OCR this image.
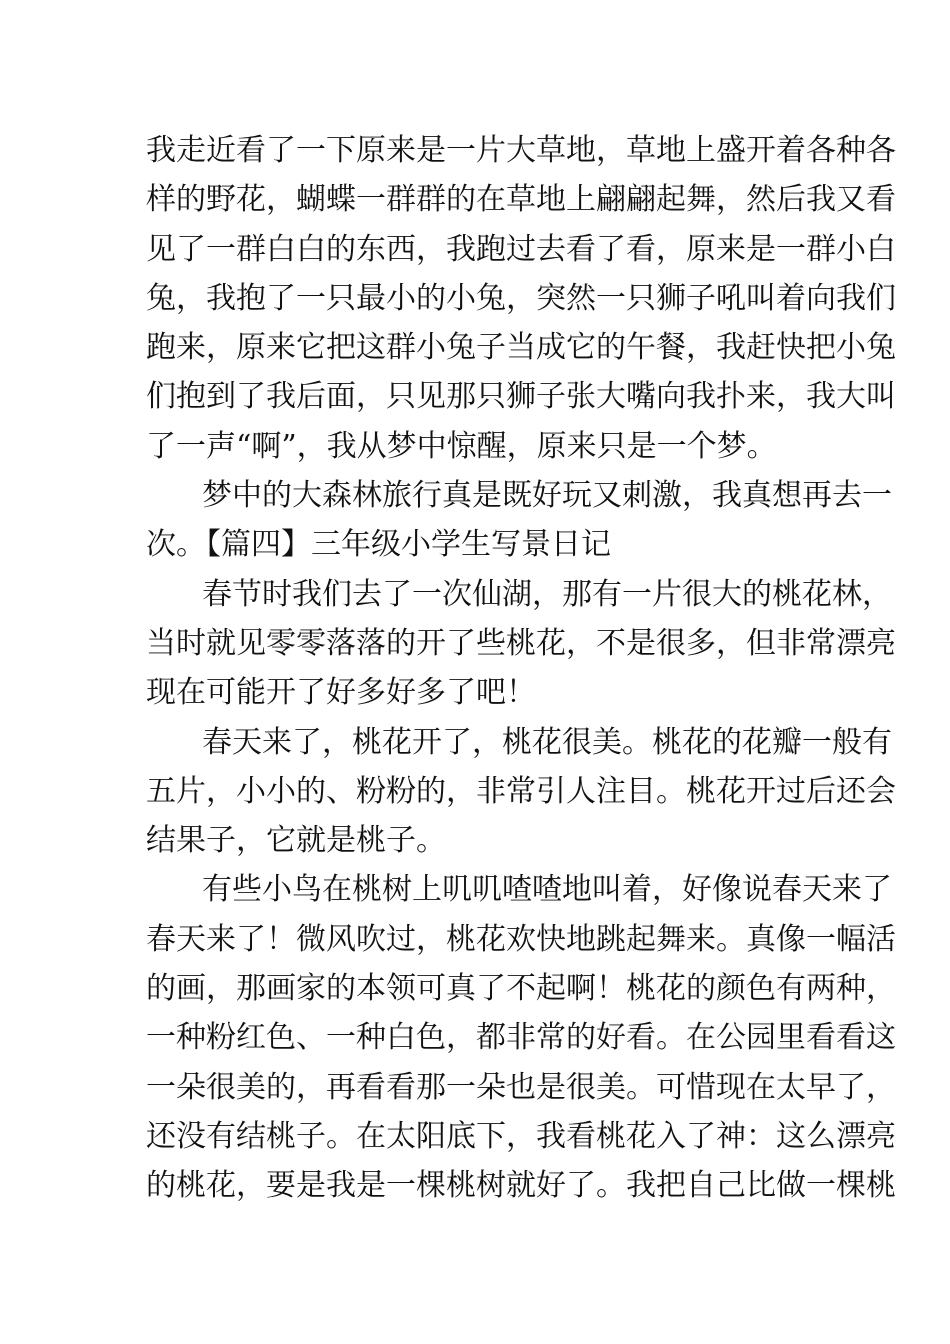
我走近看了一下原来是一片大草地，草地上盛开着各种各
样的野花，蝴蝶一群群的在草地上翩翩起舞，然后我又看
见了一群白白的东西，我跑过去看了看，原来是一群小白
兔，我抱了一只最小的小兔，突然一只狮子吼叫着向我们
跑来，原来它把这群小兔子当成它的午餐，我赶快把小兔
们抱到了我后面，只见那只狮子张大嘴向我扑来，我大叫
了一声“啊”，我从梦中惊醒，原来只是一个梦。
梦中的大森林旅行真是既好玩又刺激，我真想再去一
次。【篇四】三年级小学生写景日记
春节时我们去了一次仙湖，那有一片很大的桃花林，
当时就见零零落落的开了些桃花，不是很多，但非常漂亮
现在可能开了好多好多了吧！
春天来了，桃花开了，桃花很美。桃花的花瓣一般有
五片，小小的、粉粉的，非常引人注目。桃花开过后还会
结果子，它就是桃子。
有些小鸟在桃树上叽叽喳喳地叫着，好像说春天来了
春天来了！微风吹过，桃花欢快地跳起舞来。真像一幅活
的画，那画家的本领可真了不起啊！桃花的颜色有两种，
一种粉红色、一种白色，都非常的好看。在公园里看看这
一朵很美的，再看看那一朵也是很美。可惜现在太早了，
还没有结桃子。在太阳底下，我看桃花入了神：这么漂亮
的桃花，要是我是一棵桃树就好了。我把自己比做一棵桃
